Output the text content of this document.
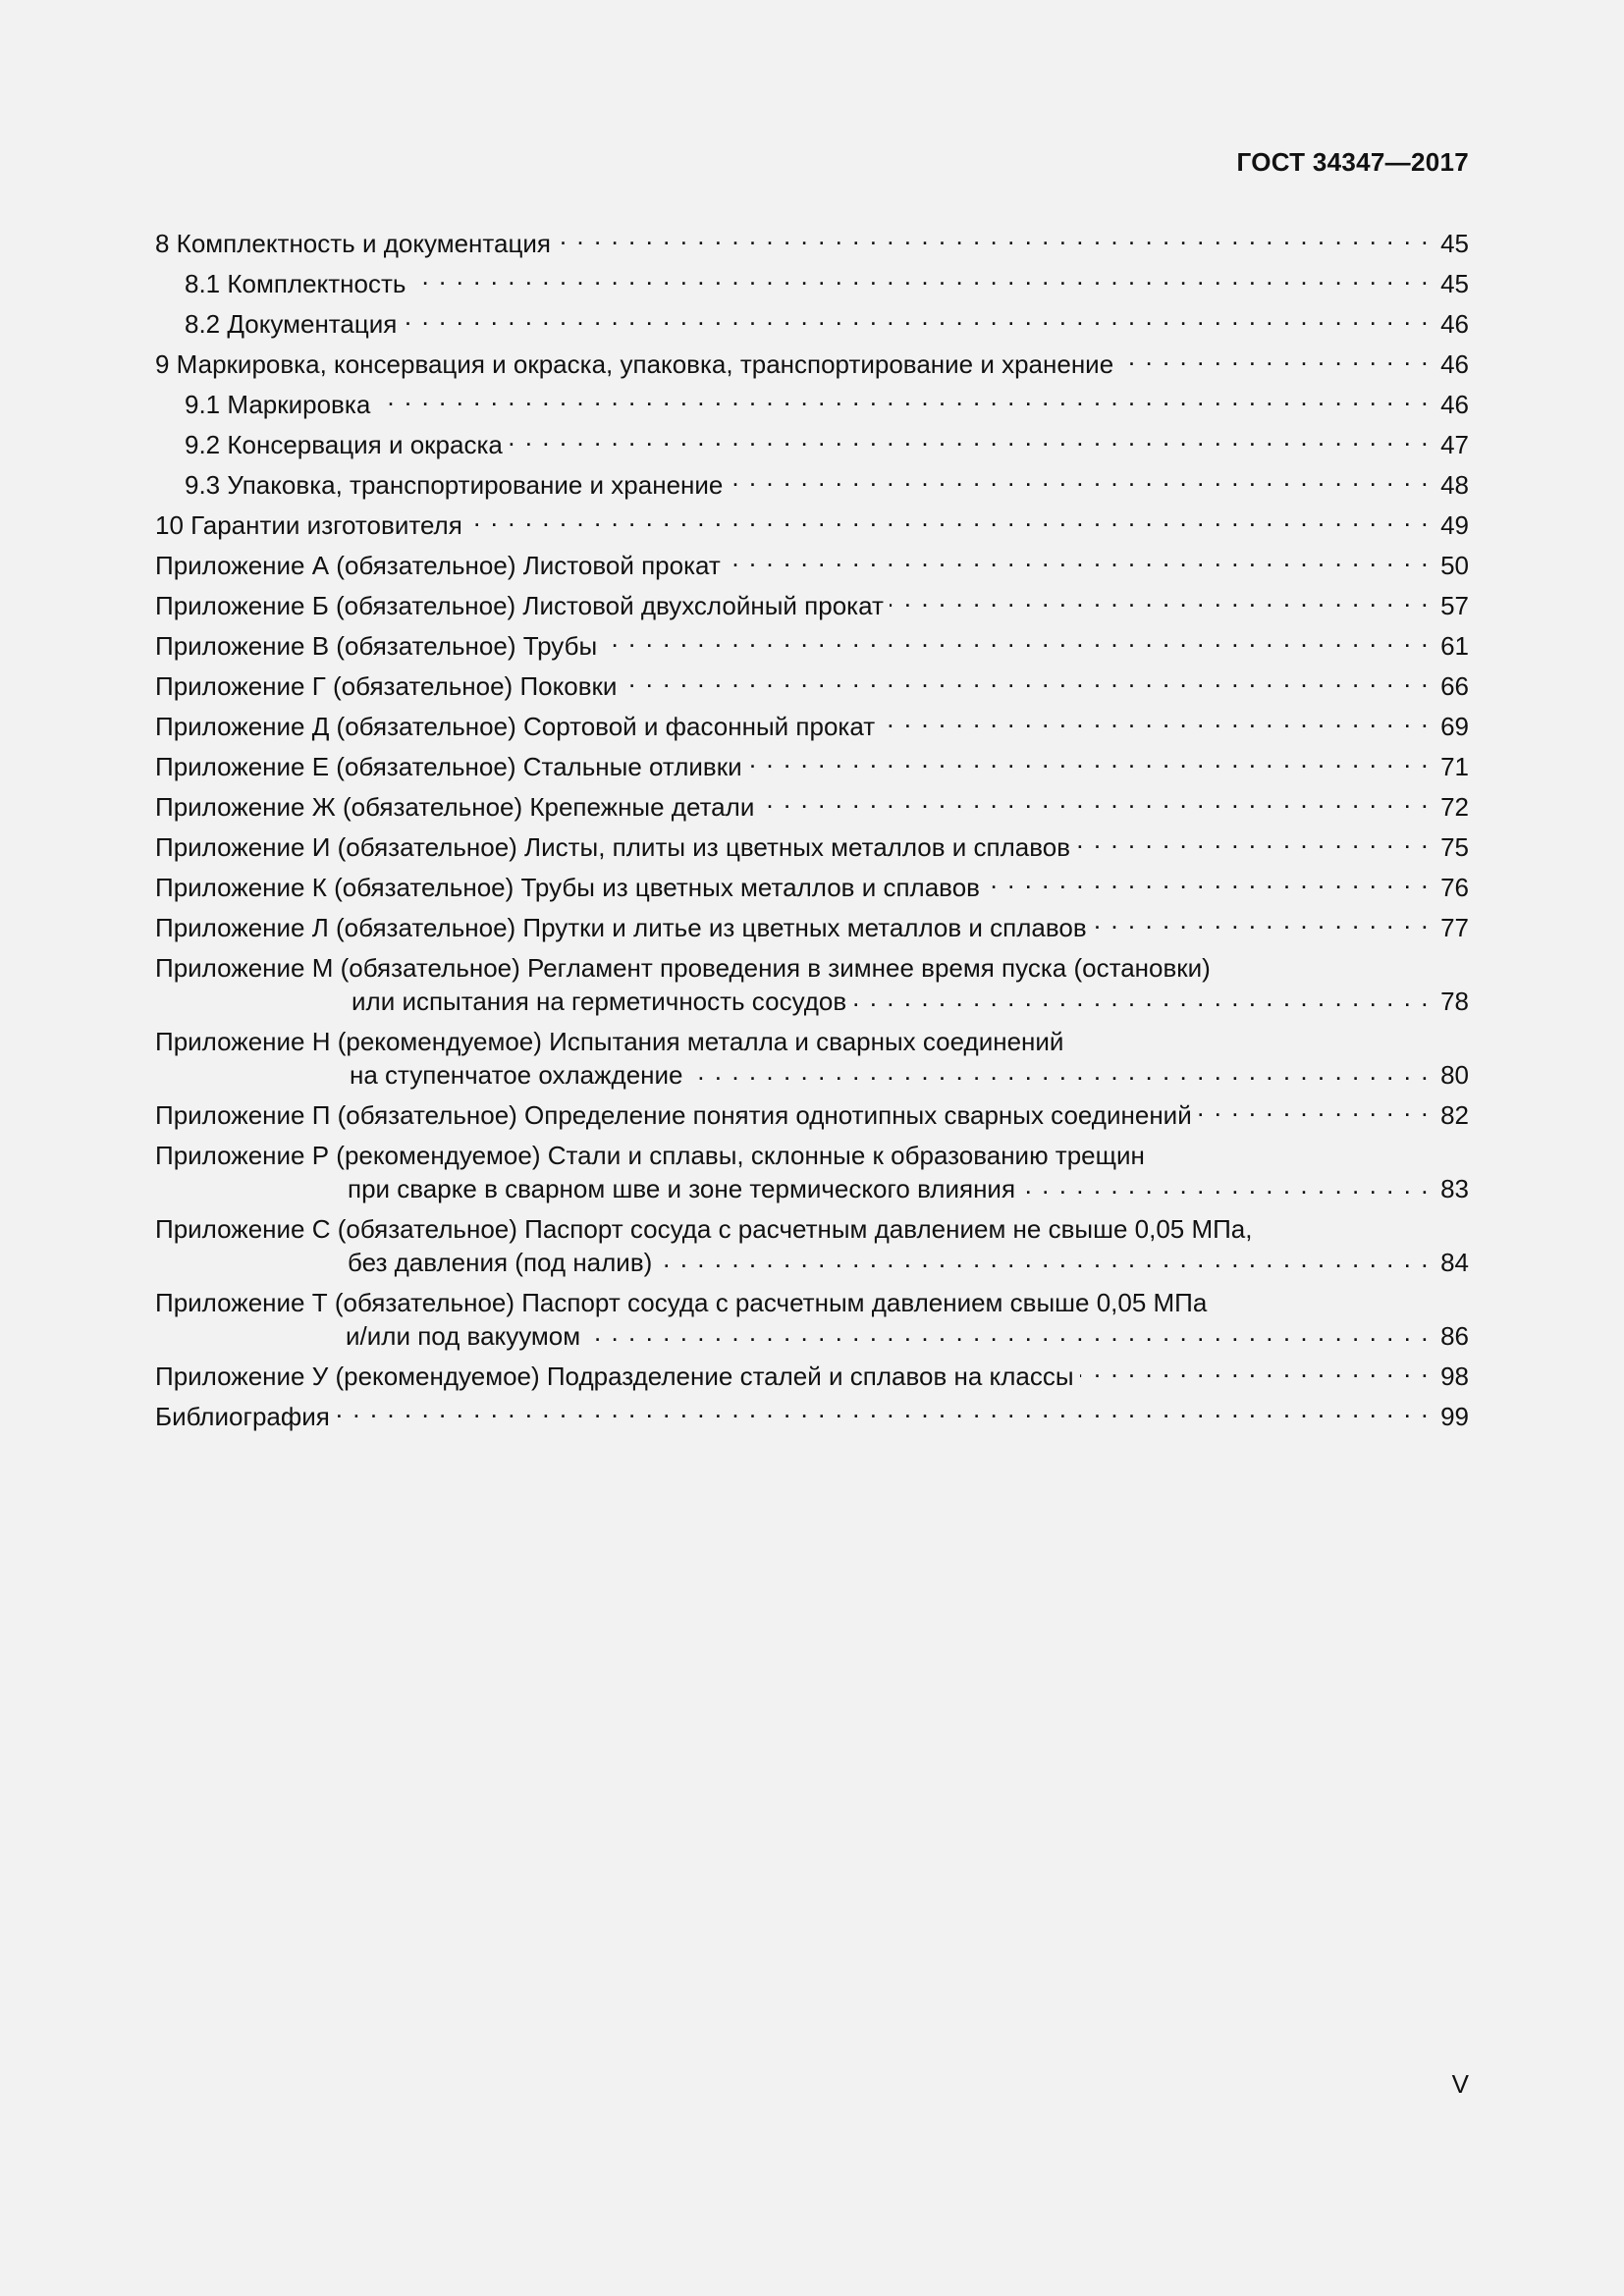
ГОСТ 34347—2017
8 Комплектность и документация . . .	45
8.1 Комплектность . . .	45
8.2 Документация . . .	46
9 Маркировка, консервация и окраска, упаковка, транспортирование и хранение . . .	46
9.1 Маркировка . . .	46
9.2 Консервация и окраска . . .	47
9.3 Упаковка, транспортирование и хранение . . .	48
10 Гарантии изготовителя . . .	49
Приложение А (обязательное) Листовой прокат . . .	50
Приложение Б (обязательное) Листовой двухслойный прокат . . .	57
Приложение В (обязательное) Трубы . . .	61
Приложение Г (обязательное) Поковки . . .	66
Приложение Д (обязательное) Сортовой и фасонный прокат . . .	69
Приложение Е (обязательное) Стальные отливки . . .	71
Приложение Ж (обязательное) Крепежные детали . . .	72
Приложение И (обязательное) Листы, плиты из цветных металлов и сплавов . . .	75
Приложение К (обязательное) Трубы из цветных металлов и сплавов . . .	76
Приложение Л (обязательное) Прутки и литье из цветных металлов и сплавов . . .	77
Приложение М (обязательное) Регламент проведения в зимнее время пуска (остановки)
или испытания на герметичность сосудов . . .	78
Приложение Н (рекомендуемое) Испытания металла и сварных соединений
на ступенчатое охлаждение . . .	80
Приложение П (обязательное) Определение понятия однотипных сварных соединений . . .	82
Приложение Р (рекомендуемое) Стали и сплавы, склонные к образованию трещин
при сварке в сварном шве и зоне термического влияния . . .	83
Приложение С (обязательное) Паспорт сосуда с расчетным давлением не свыше 0,05 МПа,
без давления (под налив) . . .	84
Приложение Т (обязательное) Паспорт сосуда с расчетным давлением свыше 0,05 МПа
и/или под вакуумом . . .	86
Приложение У (рекомендуемое) Подразделение сталей и сплавов на классы . . .	98
Библиография . . .	99
V
